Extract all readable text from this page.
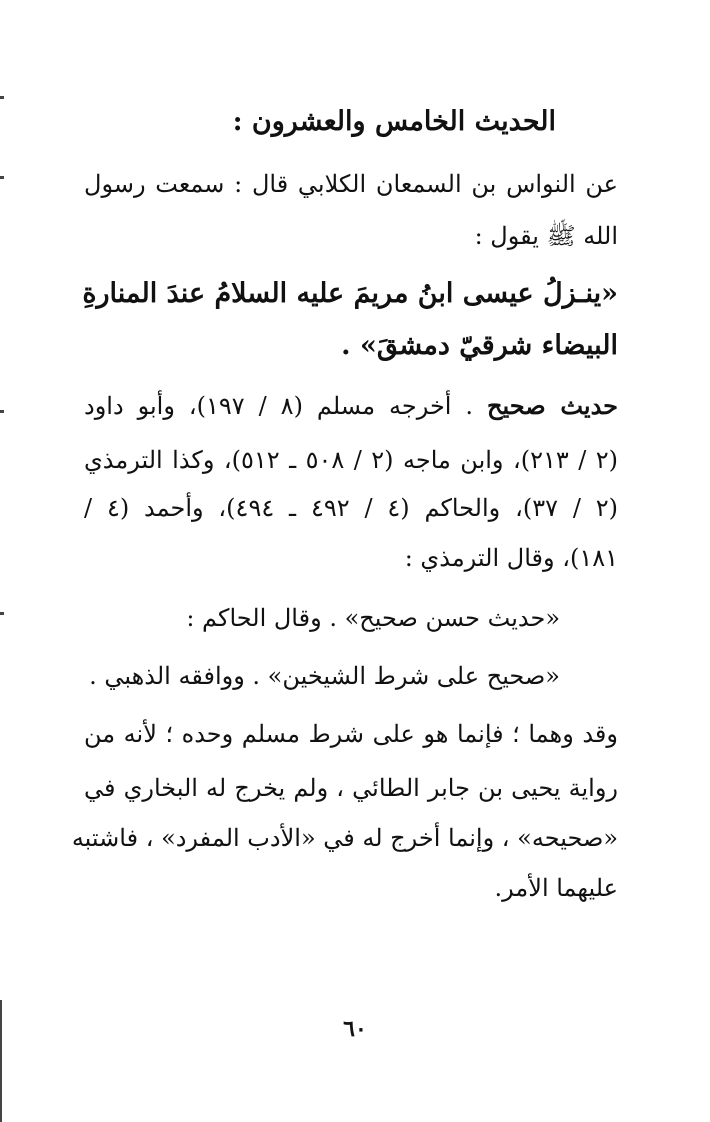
الحديث الخامس والعشرون :
عن النواس بن السمعان الكلابي قال : سمعت رسول
الله ﷺ يقول :
«ينـزلُ عيسى ابنُ مريمَ عليه السلامُ عندَ المنارةِ
البيضاء شرقيّ دمشقَ» .
حديث صحيح . أخرجه مسلم (٨ / ١٩٧)، وأبو داود
(٢ / ٢١٣)، وابن ماجه (٢ / ٥٠٨ ـ ٥١٢)، وكذا الترمذي
(٢ / ٣٧)، والحاكم (٤ / ٤٩٢ ـ ٤٩٤)، وأحمد (٤ /
١٨١)، وقال الترمذي :
«حديث حسن صحيح» . وقال الحاكم :
«صحيح على شرط الشيخين» . ووافقه الذهبي .
وقد وهما ؛ فإنما هو على شرط مسلم وحده ؛ لأنه من
رواية يحيى بن جابر الطائي ، ولم يخرج له البخاري في
«صحيحه» ، وإنما أخرج له في «الأدب المفرد» ، فاشتبه
عليهما الأمر.
٦٠
